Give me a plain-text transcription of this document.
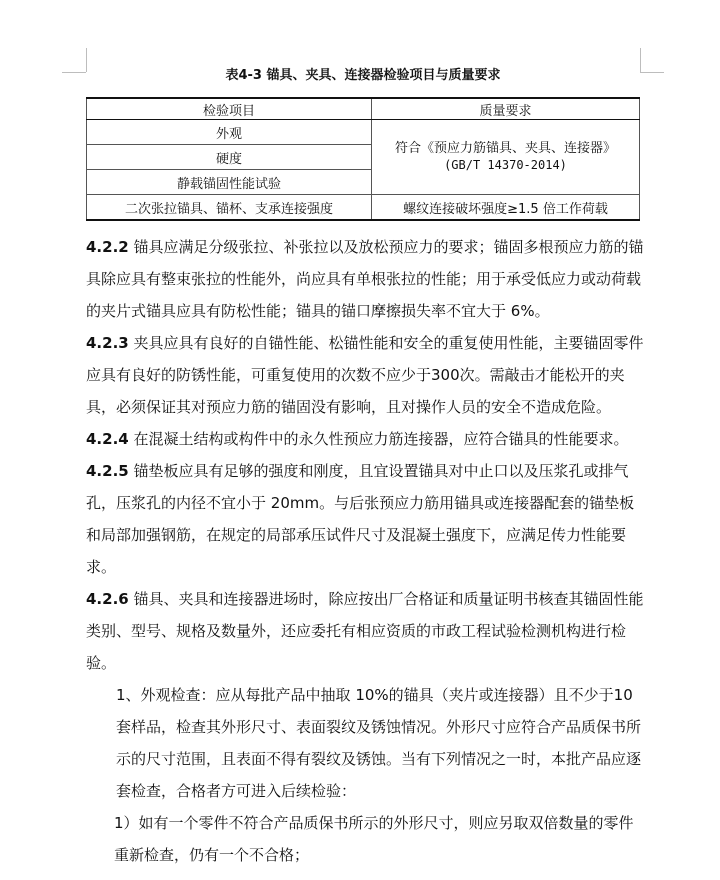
表4-3 锚具、夹具、连接器检验项目与质量要求
检验项目	质量要求
外观	符合《预应力筋锚具、夹具、连接器》
(GB/T 14370-2014)

硬度	
静载锚固性能试验	
二次张拉锚具、锚杯、支承连接强度	螺纹连接破坏强度≥1.5 倍工作荷载

4.2.2 锚具应满足分级张拉、补张拉以及放松预应力的要求；锚固多根预应力筋的锚具除应具有整束张拉的性能外，尚应具有单根张拉的性能；用于承受低应力或动荷载的夹片式锚具应具有防松性能；锚具的锚口摩擦损失率不宜大于 6%。

4.2.3 夹具应具有良好的自锚性能、松锚性能和安全的重复使用性能，主要锚固零件应具有良好的防锈性能，可重复使用的次数不应少于300次。需敲击才能松开的夹具，必须保证其对预应力筋的锚固没有影响，且对操作人员的安全不造成危险。

4.2.4 在混凝土结构或构件中的永久性预应力筋连接器，应符合锚具的性能要求。

4.2.5 锚垫板应具有足够的强度和刚度，且宜设置锚具对中止口以及压浆孔或排气孔，压浆孔的内径不宜小于 20mm。与后张预应力筋用锚具或连接器配套的锚垫板和局部加强钢筋，在规定的局部承压试件尺寸及混凝土强度下，应满足传力性能要求。

4.2.6 锚具、夹具和连接器进场时，除应按出厂合格证和质量证明书核查其锚固性能类别、型号、规格及数量外，还应委托有相应资质的市政工程试验检测机构进行检验。

1、外观检查：应从每批产品中抽取 10%的锚具（夹片或连接器）且不少于10 套样品，检查其外形尺寸、表面裂纹及锈蚀情况。外形尺寸应符合产品质保书所示的尺寸范围，且表面不得有裂纹及锈蚀。当有下列情况之一时，本批产品应逐套检查，合格者方可进入后续检验：

1）如有一个零件不符合产品质保书所示的外形尺寸，则应另取双倍数量的零件重新检查，仍有一个不合格；
